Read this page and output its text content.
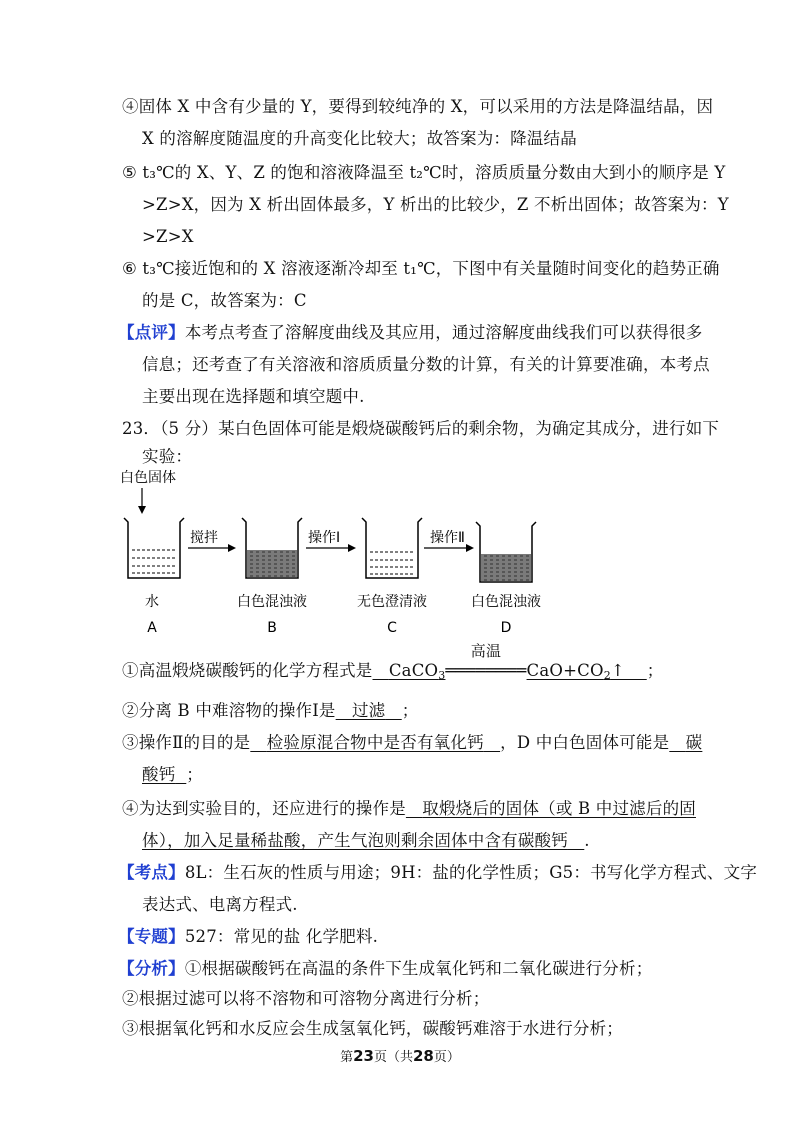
④固体 X 中含有少量的 Y，要得到较纯净的 X，可以采用的方法是降温结晶，因
X 的溶解度随温度的升高变化比较大；故答案为：降温结晶
⑤ t₃℃的 X、Y、Z 的饱和溶液降温至 t₂℃时，溶质质量分数由大到小的顺序是 Y
>Z>X，因为 X 析出固体最多，Y 析出的比较少，Z 不析出固体；故答案为：Y
>Z>X
⑥ t₃℃接近饱和的 X 溶液逐渐冷却至 t₁℃，下图中有关量随时间变化的趋势正确
的是 C，故答案为：C
【点评】本考点考查了溶解度曲线及其应用，通过溶解度曲线我们可以获得很多
信息；还考查了有关溶液和溶质质量分数的计算，有关的计算要准确，本考点
主要出现在选择题和填空题中.
23．（5 分）某白色固体可能是煅烧碳酸钙后的剩余物，为确定其成分，进行如下
实验：
白色固体
搅拌	操作Ⅰ	操作Ⅱ
水	白色混浊液	无色澄清液	白色混浊液
A	B	C	D
①高温煅烧碳酸钙的化学方程式是 CaCO$_3$
高温
$════════CaO+CO_2↑$    ；
②分离 B 中难溶物的操作Ⅰ是 过滤 ；
③操作Ⅱ的目的是 检验原混合物中是否有氧化钙 ，D 中白色固体可能是 碳
酸钙 ；
④为达到实验目的，还应进行的操作是 取煅烧后的固体（或 B 中过滤后的固
体），加入足量稀盐酸，产生气泡则剩余固体中含有碳酸钙 .
【考点】8L：生石灰的性质与用途；9H：盐的化学性质；G5：书写化学方程式、文字
表达式、电离方程式.
【专题】527：常见的盐 化学肥料.
【分析】①根据碳酸钙在高温的条件下生成氧化钙和二氧化碳进行分析；
②根据过滤可以将不溶物和可溶物分离进行分析；
③根据氧化钙和水反应会生成氢氧化钙，碳酸钙难溶于水进行分析；
第23页（共28页）
